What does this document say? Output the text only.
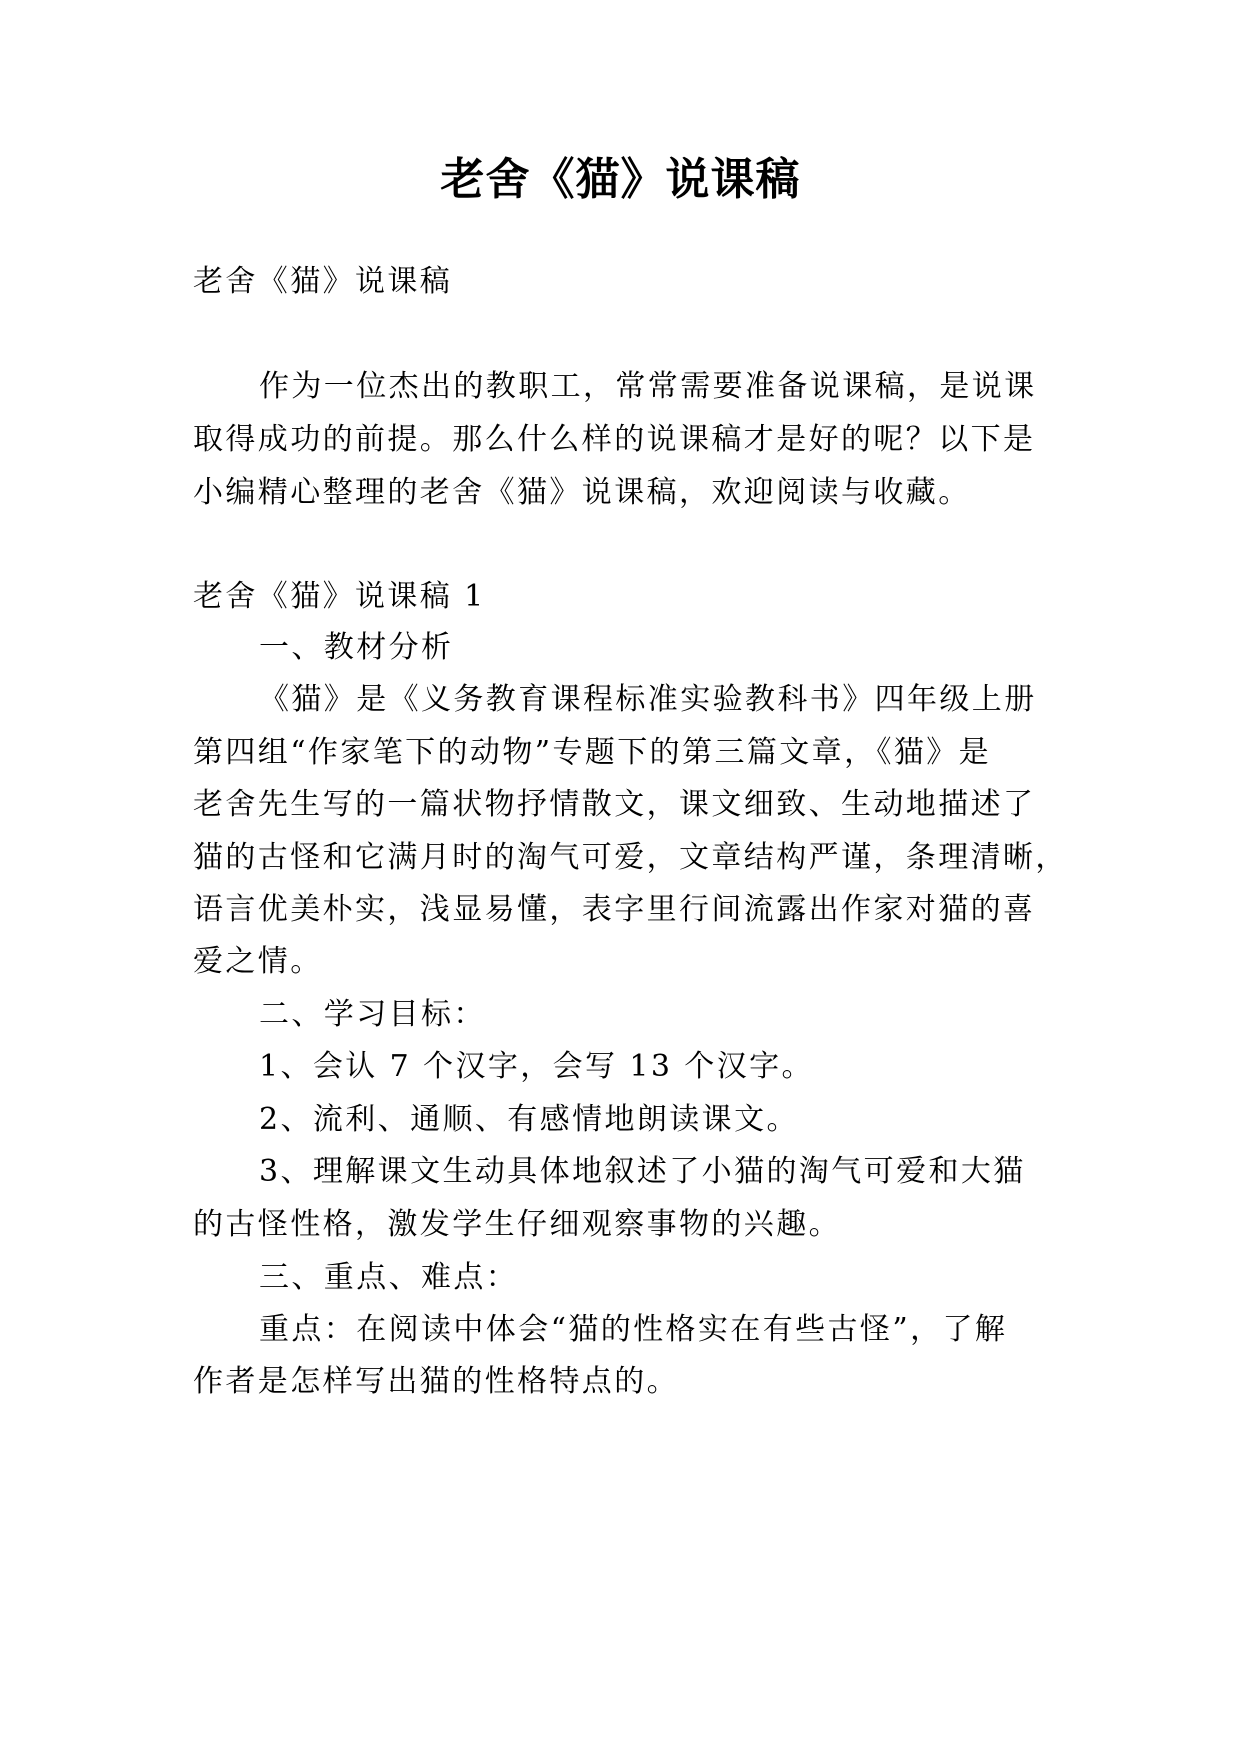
老舍《猫》说课稿
老舍《猫》说课稿
作为一位杰出的教职工，常常需要准备说课稿，是说课
取得成功的前提。那么什么样的说课稿才是好的呢？以下是
小编精心整理的老舍《猫》说课稿，欢迎阅读与收藏。
老舍《猫》说课稿 1
一、教材分析
《猫》是《义务教育课程标准实验教科书》四年级上册
第四组“作家笔下的动物”专题下的第三篇文章，《猫》是
老舍先生写的一篇状物抒情散文，课文细致、生动地描述了
猫的古怪和它满月时的淘气可爱，文章结构严谨，条理清晰，
语言优美朴实，浅显易懂，表字里行间流露出作家对猫的喜
爱之情。
二、学习目标：
1、会认 7 个汉字，会写 13 个汉字。
2、流利、通顺、有感情地朗读课文。
3、理解课文生动具体地叙述了小猫的淘气可爱和大猫
的古怪性格，激发学生仔细观察事物的兴趣。
三、重点、难点：
重点：在阅读中体会“猫的性格实在有些古怪”，了解
作者是怎样写出猫的性格特点的。
